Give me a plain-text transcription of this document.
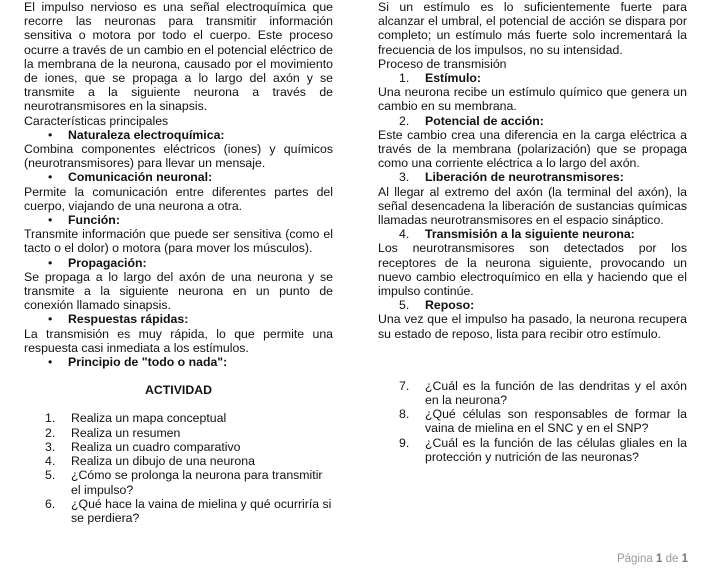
El impulso nervioso es una señal electroquímica que recorre las neuronas para transmitir información sensitiva o motora por todo el cuerpo. Este proceso ocurre a través de un cambio en el potencial eléctrico de la membrana de la neurona, causado por el movimiento de iones, que se propaga a lo largo del axón y se transmite a la siguiente neurona a través de neurotransmisores en la sinapsis.

Características principales

•	Naturaleza electroquímica:

Combina componentes eléctricos (iones) y químicos (neurotransmisores) para llevar un mensaje.

•	Comunicación neuronal:

Permite la comunicación entre diferentes partes del cuerpo, viajando de una neurona a otra.

•	Función:

Transmite información que puede ser sensitiva (como el tacto o el dolor) o motora (para mover los músculos).

•	Propagación:

Se propaga a lo largo del axón de una neurona y se transmite a la siguiente neurona en un punto de conexión llamado sinapsis.

•	Respuestas rápidas:

La transmisión es muy rápida, lo que permite una respuesta casi inmediata a los estímulos.

•	Principio de "todo o nada":

ACTIVIDAD

1.	Realiza un mapa conceptual
2.	Realiza un resumen
3.	Realiza un cuadro comparativo
4.	Realiza un dibujo de una neurona
5.	¿Cómo se prolonga la neurona para transmitir el impulso?
6.	¿Qué hace la vaina de mielina y qué ocurriría si se perdiera?

Si un estímulo es lo suficientemente fuerte para alcanzar el umbral, el potencial de acción se dispara por completo; un estímulo más fuerte solo incrementará la frecuencia de los impulsos, no su intensidad.

Proceso de transmisión

1.	Estímulo:

Una neurona recibe un estímulo químico que genera un cambio en su membrana.

2.	Potencial de acción:

Este cambio crea una diferencia en la carga eléctrica a través de la membrana (polarización) que se propaga como una corriente eléctrica a lo largo del axón.

3.	Liberación de neurotransmisores:

Al llegar al extremo del axón (la terminal del axón), la señal desencadena la liberación de sustancias químicas llamadas neurotransmisores en el espacio sináptico.

4.	Transmisión a la siguiente neurona:

Los neurotransmisores son detectados por los receptores de la neurona siguiente, provocando un nuevo cambio electroquímico en ella y haciendo que el impulso continúe.

5.	Reposo:

Una vez que el impulso ha pasado, la neurona recupera su estado de reposo, lista para recibir otro estímulo.

7.	¿Cuál es la función de las dendritas y el axón en la neurona?
8.	¿Qué células son responsables de formar la vaina de mielina en el SNC y en el SNP?
9.	¿Cuál es la función de las células gliales en la protección y nutrición de las neuronas?
Página 1 de 1
